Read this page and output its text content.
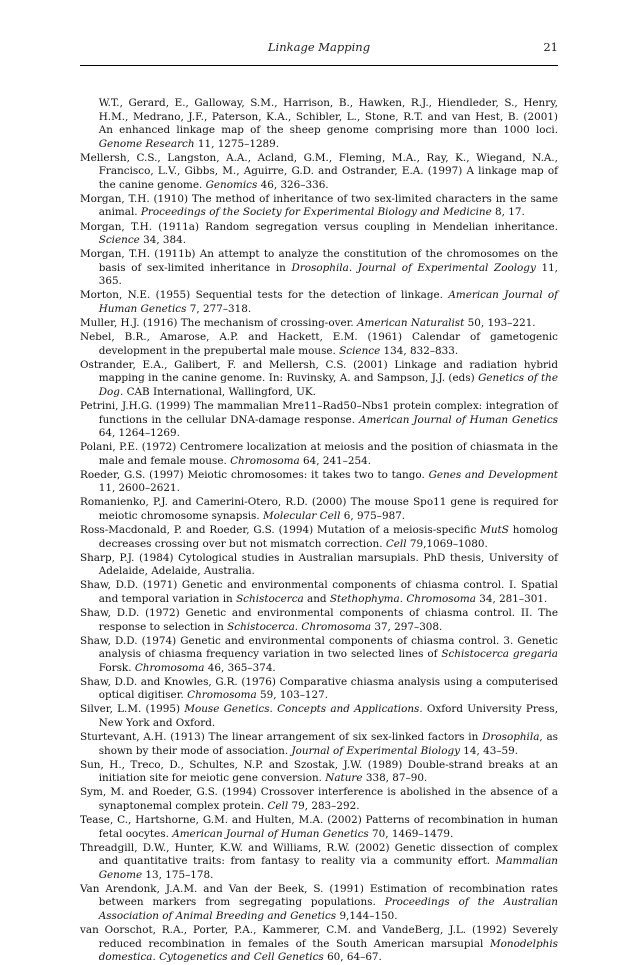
Linkage Mapping	21
W.T., Gerard, E., Galloway, S.M., Harrison, B., Hawken, R.J., Hiendleder, S., Henry, H.M., Medrano, J.F., Paterson, K.A., Schibler, L., Stone, R.T. and van Hest, B. (2001) An enhanced linkage map of the sheep genome comprising more than 1000 loci. Genome Research 11, 1275–1289.
Mellersh, C.S., Langston, A.A., Acland, G.M., Fleming, M.A., Ray, K., Wiegand, N.A., Francisco, L.V., Gibbs, M., Aguirre, G.D. and Ostrander, E.A. (1997) A linkage map of the canine genome. Genomics 46, 326–336.
Morgan, T.H. (1910) The method of inheritance of two sex-limited characters in the same animal. Proceedings of the Society for Experimental Biology and Medicine 8, 17.
Morgan, T.H. (1911a) Random segregation versus coupling in Mendelian inheritance. Science 34, 384.
Morgan, T.H. (1911b) An attempt to analyze the constitution of the chromosomes on the basis of sex-limited inheritance in Drosophila. Journal of Experimental Zoology 11, 365.
Morton, N.E. (1955) Sequential tests for the detection of linkage. American Journal of Human Genetics 7, 277–318.
Muller, H.J. (1916) The mechanism of crossing-over. American Naturalist 50, 193–221.
Nebel, B.R., Amarose, A.P. and Hackett, E.M. (1961) Calendar of gametogenic development in the prepubertal male mouse. Science 134, 832–833.
Ostrander, E.A., Galibert, F. and Mellersh, C.S. (2001) Linkage and radiation hybrid mapping in the canine genome. In: Ruvinsky, A. and Sampson, J.J. (eds) Genetics of the Dog. CAB International, Wallingford, UK.
Petrini, J.H.G. (1999) The mammalian Mre11–Rad50–Nbs1 protein complex: integration of functions in the cellular DNA-damage response. American Journal of Human Genetics 64, 1264–1269.
Polani, P.E. (1972) Centromere localization at meiosis and the position of chiasmata in the male and female mouse. Chromosoma 64, 241–254.
Roeder, G.S. (1997) Meiotic chromosomes: it takes two to tango. Genes and Development 11, 2600–2621.
Romanienko, P.J. and Camerini-Otero, R.D. (2000) The mouse Spo11 gene is required for meiotic chromosome synapsis. Molecular Cell 6, 975–987.
Ross-Macdonald, P. and Roeder, G.S. (1994) Mutation of a meiosis-specific MutS homolog decreases crossing over but not mismatch correction. Cell 79,1069–1080.
Sharp, P.J. (1984) Cytological studies in Australian marsupials. PhD thesis, University of Adelaide, Adelaide, Australia.
Shaw, D.D. (1971) Genetic and environmental components of chiasma control. I. Spatial and temporal variation in Schistocerca and Stethophyma. Chromosoma 34, 281–301.
Shaw, D.D. (1972) Genetic and environmental components of chiasma control. II. The response to selection in Schistocerca. Chromosoma 37, 297–308.
Shaw, D.D. (1974) Genetic and environmental components of chiasma control. 3. Genetic analysis of chiasma frequency variation in two selected lines of Schistocerca gregaria Forsk. Chromosoma 46, 365–374.
Shaw, D.D. and Knowles, G.R. (1976) Comparative chiasma analysis using a computerised optical digitiser. Chromosoma 59, 103–127.
Silver, L.M. (1995) Mouse Genetics. Concepts and Applications. Oxford University Press, New York and Oxford.
Sturtevant, A.H. (1913) The linear arrangement of six sex-linked factors in Drosophila, as shown by their mode of association. Journal of Experimental Biology 14, 43–59.
Sun, H., Treco, D., Schultes, N.P. and Szostak, J.W. (1989) Double-strand breaks at an initiation site for meiotic gene conversion. Nature 338, 87–90.
Sym, M. and Roeder, G.S. (1994) Crossover interference is abolished in the absence of a synaptonemal complex protein. Cell 79, 283–292.
Tease, C., Hartshorne, G.M. and Hulten, M.A. (2002) Patterns of recombination in human fetal oocytes. American Journal of Human Genetics 70, 1469–1479.
Threadgill, D.W., Hunter, K.W. and Williams, R.W. (2002) Genetic dissection of complex and quantitative traits: from fantasy to reality via a community effort. Mammalian Genome 13, 175–178.
Van Arendonk, J.A.M. and Van der Beek, S. (1991) Estimation of recombination rates between markers from segregating populations. Proceedings of the Australian Association of Animal Breeding and Genetics 9,144–150.
van Oorschot, R.A., Porter, P.A., Kammerer, C.M. and VandeBerg, J.L. (1992) Severely reduced recombination in females of the South American marsupial Monodelphis domestica. Cytogenetics and Cell Genetics 60, 64–67.
